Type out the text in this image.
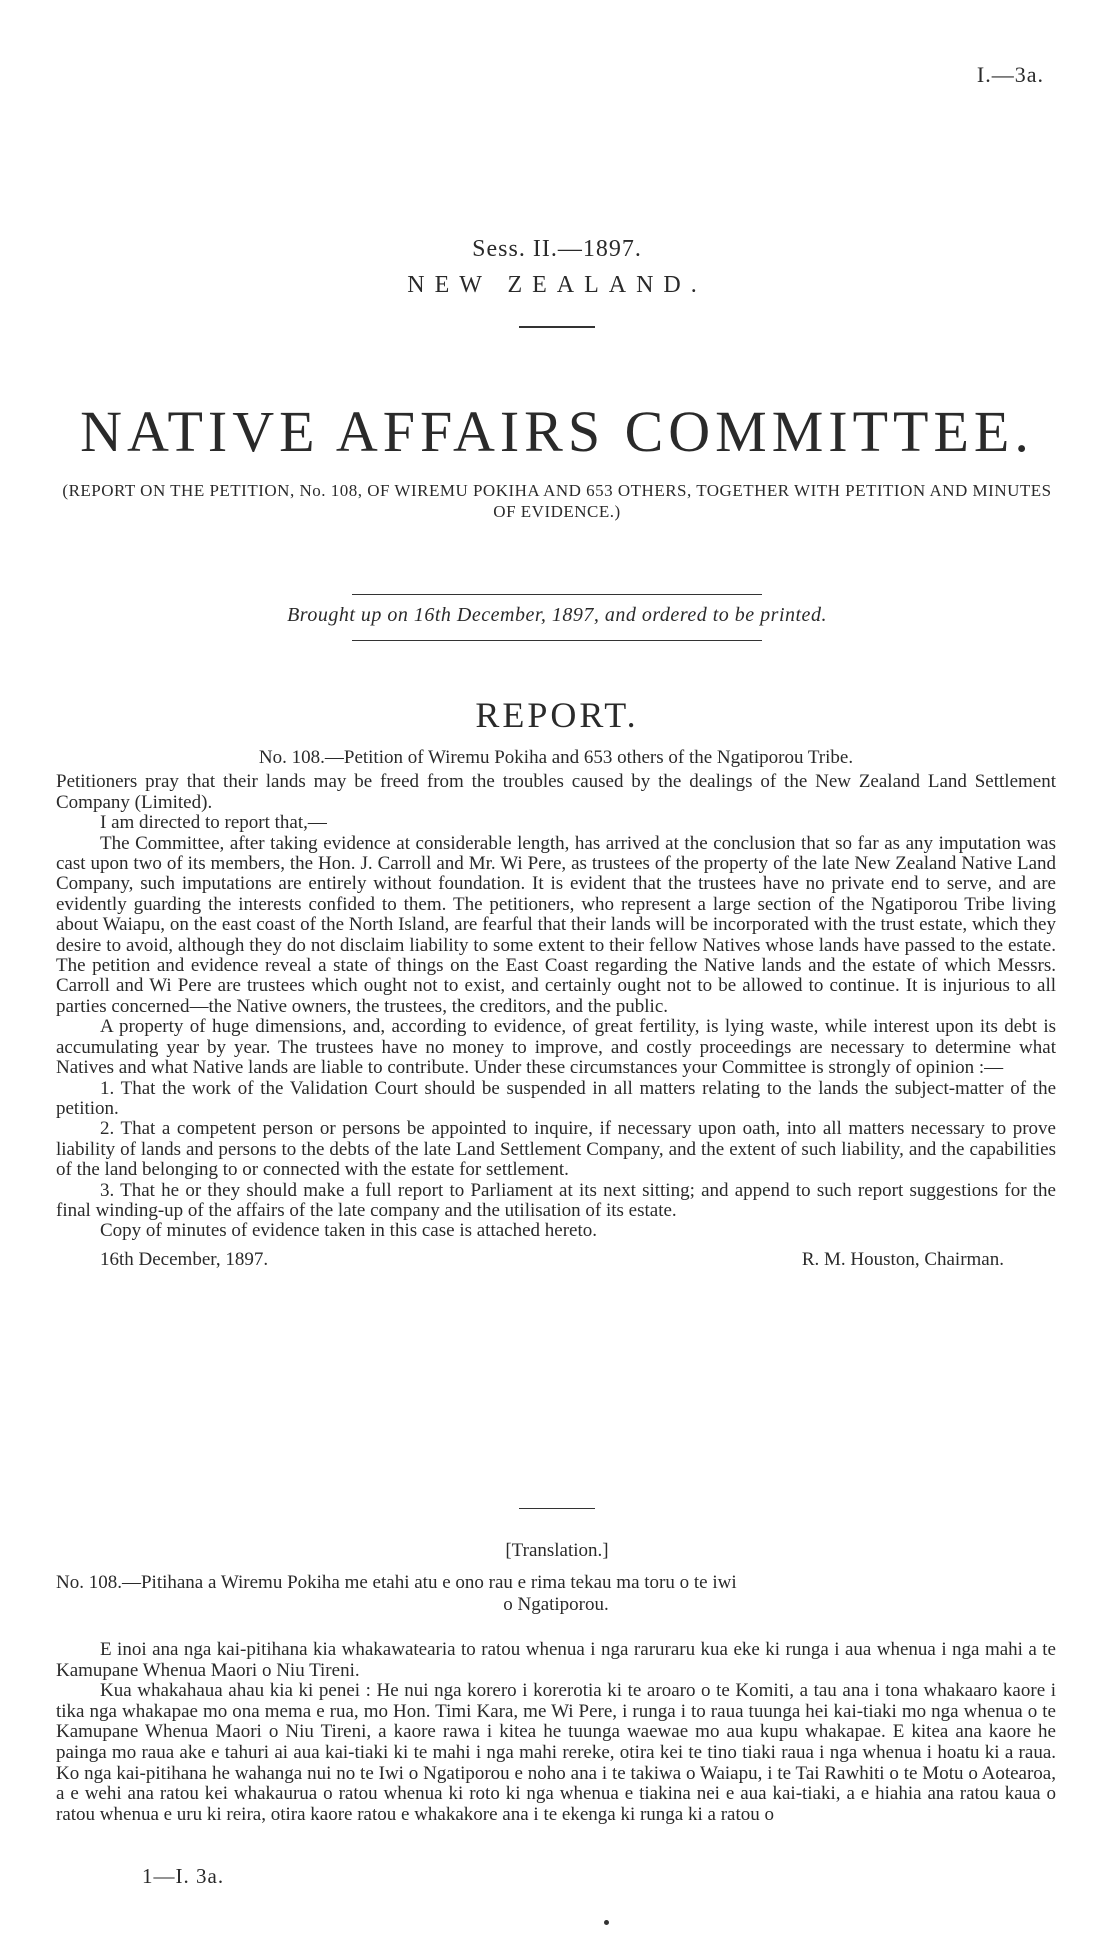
I.—3a.
Sess. II.—1897.
NEW ZEALAND.
NATIVE AFFAIRS COMMITTEE.
(REPORT ON THE PETITION, No. 108, OF WIREMU POKIHA AND 653 OTHERS, TOGETHER WITH PETITION AND MINUTES OF EVIDENCE.)
Brought up on 16th December, 1897, and ordered to be printed.
REPORT.

No. 108.—Petition of Wiremu Pokiha and 653 others of the Ngatiporou Tribe.

Petitioners pray that their lands may be freed from the troubles caused by the dealings of the New Zealand Land Settlement Company (Limited).

I am directed to report that,—

The Committee, after taking evidence at considerable length, has arrived at the conclusion that so far as any imputation was cast upon two of its members, the Hon. J. Carroll and Mr. Wi Pere, as trustees of the property of the late New Zealand Native Land Company, such imputations are entirely without foundation. It is evident that the trustees have no private end to serve, and are evidently guarding the interests confided to them. The petitioners, who represent a large section of the Ngatiporou Tribe living about Waiapu, on the east coast of the North Island, are fearful that their lands will be incorporated with the trust estate, which they desire to avoid, although they do not disclaim liability to some extent to their fellow Natives whose lands have passed to the estate. The petition and evidence reveal a state of things on the East Coast regarding the Native lands and the estate of which Messrs. Carroll and Wi Pere are trustees which ought not to exist, and certainly ought not to be allowed to continue. It is injurious to all parties concerned—the Native owners, the trustees, the creditors, and the public.

A property of huge dimensions, and, according to evidence, of great fertility, is lying waste, while interest upon its debt is accumulating year by year. The trustees have no money to improve, and costly proceedings are necessary to determine what Natives and what Native lands are liable to contribute. Under these circumstances your Committee is strongly of opinion :—

1. That the work of the Validation Court should be suspended in all matters relating to the lands the subject-matter of the petition.

2. That a competent person or persons be appointed to inquire, if necessary upon oath, into all matters necessary to prove liability of lands and persons to the debts of the late Land Settlement Company, and the extent of such liability, and the capabilities of the land belonging to or connected with the estate for settlement.

3. That he or they should make a full report to Parliament at its next sitting; and append to such report suggestions for the final winding-up of the affairs of the late company and the utilisation of its estate.

Copy of minutes of evidence taken in this case is attached hereto.

16th December, 1897.	R. M. Houston, Chairman.
[Translation.]
No. 108.—Pitihana a Wiremu Pokiha me etahi atu e ono rau e rima tekau ma toru o te iwi
o Ngatiporou.

E inoi ana nga kai-pitihana kia whakawatearia to ratou whenua i nga raruraru kua eke ki runga i aua whenua i nga mahi a te Kamupane Whenua Maori o Niu Tireni.

Kua whakahaua ahau kia ki penei : He nui nga korero i korerotia ki te aroaro o te Komiti, a tau ana i tona whakaaro kaore i tika nga whakapae mo ona mema e rua, mo Hon. Timi Kara, me Wi Pere, i runga i to raua tuunga hei kai-tiaki mo nga whenua o te Kamupane Whenua Maori o Niu Tireni, a kaore rawa i kitea he tuunga waewae mo aua kupu whakapae. E kitea ana kaore he painga mo raua ake e tahuri ai aua kai-tiaki ki te mahi i nga mahi rereke, otira kei te tino tiaki raua i nga whenua i hoatu ki a raua. Ko nga kai-pitihana he wahanga nui no te Iwi o Ngatiporou e noho ana i te takiwa o Waiapu, i te Tai Rawhiti o te Motu o Aotearoa, a e wehi ana ratou kei whakaurua o ratou whenua ki roto ki nga whenua e tiakina nei e aua kai-tiaki, a e hiahia ana ratou kaua o ratou whenua e uru ki reira, otira kaore ratou e whakakore ana i te ekenga ki runga ki a ratou o

1—I. 3a.
